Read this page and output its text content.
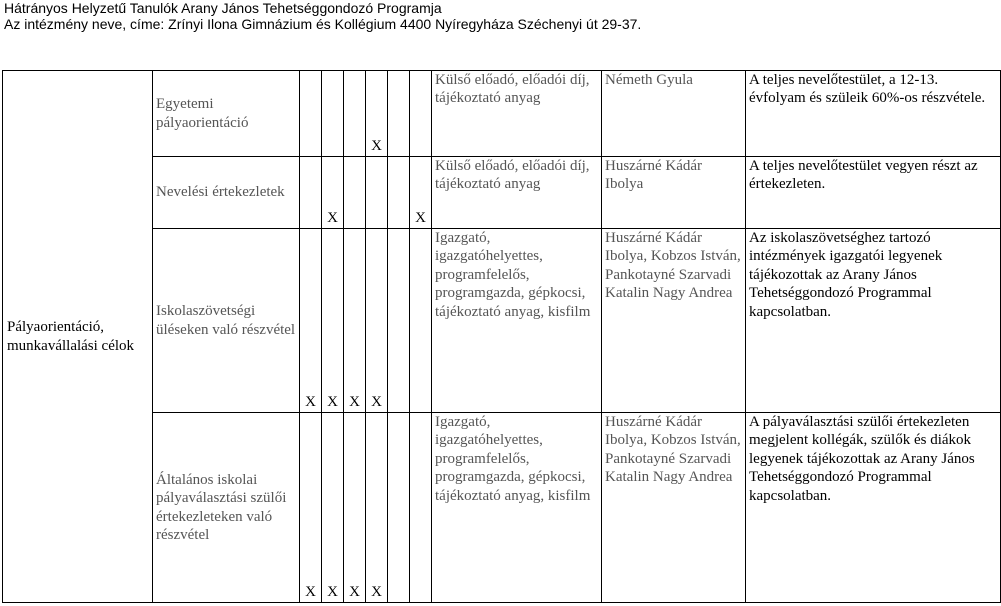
Hátrányos Helyzetű Tanulók Arany János Tehetséggondozó Programja
Az intézmény neve, címe: Zrínyi Ilona Gimnázium és Kollégium 4400 Nyíregyháza Széchenyi út 29-37.
Pályaorientáció, munkavállalási célok	Egyetemi pályaorientáció				X			Külső előadó, előadói díj, tájékoztató anyag	Németh Gyula	A teljes nevelőtestület, a 12-13. évfolyam és szüleik 60%-os részvétele.
	Nevelési értekezletek		X				X	Külső előadó, előadói díj, tájékoztató anyag	Huszárné Kádár Ibolya	A teljes nevelőtestület vegyen részt az értekezleten.
	Iskolaszövetségi üléseken való részvétel	X	X	X	X			Igazgató, igazgatóhelyettes, programfelelős, programgazda, gépkocsi, tájékoztató anyag, kisfilm	Huszárné Kádár Ibolya, Kobzos István, Pankotayné Szarvadi Katalin Nagy Andrea	Az iskolaszövetséghez tartozó intézmények igazgatói legyenek tájékozottak az Arany János Tehetséggondozó Programmal kapcsolatban.
	Általános iskolai pályaválasztási szülői értekezleteken való részvétel	X	X	X	X			Igazgató, igazgatóhelyettes, programfelelős, programgazda, gépkocsi, tájékoztató anyag, kisfilm	Huszárné Kádár Ibolya, Kobzos István, Pankotayné Szarvadi Katalin Nagy Andrea	A pályaválasztási szülői értekezleten megjelent kollégák, szülők és diákok legyenek tájékozottak az Arany János Tehetséggondozó Programmal kapcsolatban.
